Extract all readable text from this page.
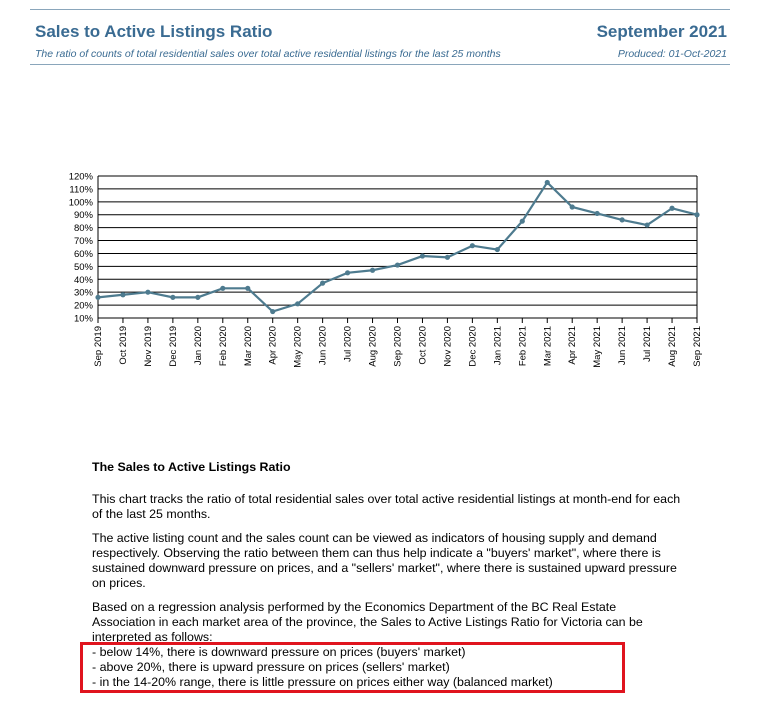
Sales to Active Listings Ratio	September 2021
The ratio of counts of total residential sales over total active residential listings for the last 25 months	Produced: 01-Oct-2021
10%
20%
30%
40%
50%
60%
70%
80%
90%
100%
110%
120%
Sep 2019 Oct 2019 Nov 2019 Dec 2019 Jan 2020 Feb 2020 Mar 2020 Apr 2020 May 2020 Jun 2020 Jul 2020 Aug 2020 Sep 2020 Oct 2020 Nov 2020 Dec 2020 Jan 2021 Feb 2021 Mar 2021 Apr 2021 May 2021 Jun 2021 Jul 2021 Aug 2021 Sep 2021

The Sales to Active Listings Ratio

This chart tracks the ratio of total residential sales over total active residential listings at month-end for each of the last 25 months.

The active listing count and the sales count can be viewed as indicators of housing supply and demand respectively. Observing the ratio between them can thus help indicate a "buyers' market", where there is sustained downward pressure on prices, and a "sellers' market", where there is sustained upward pressure on prices.

Based on a regression analysis performed by the Economics Department of the BC Real Estate Association in each market area of the province, the Sales to Active Listings Ratio for Victoria can be interpreted as follows:

- below 14%, there is downward pressure on prices (buyers' market)
- above 20%, there is upward pressure on prices (sellers' market)
- in the 14-20% range, there is little pressure on prices either way (balanced market)
